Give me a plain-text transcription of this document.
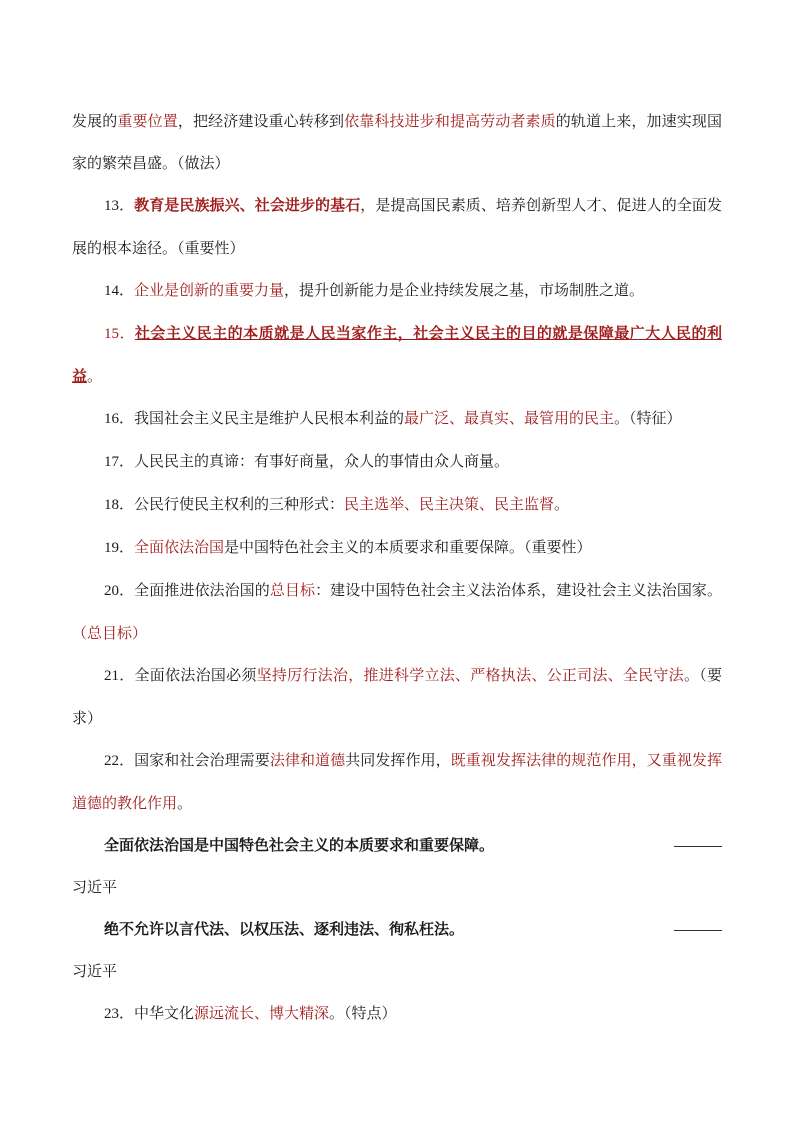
发展的重要位置，把经济建设重心转移到依靠科技进步和提高劳动者素质的轨道上来，加速实现国家的繁荣昌盛。（做法）

13．教育是民族振兴、社会进步的基石，是提高国民素质、培养创新型人才、促进人的全面发展的根本途径。（重要性）

14．企业是创新的重要力量，提升创新能力是企业持续发展之基，市场制胜之道。

15．社会主义民主的本质就是人民当家作主，社会主义民主的目的就是保障最广大人民的利益。

16．我国社会主义民主是维护人民根本利益的最广泛、最真实、最管用的民主。（特征）

17．人民民主的真谛：有事好商量，众人的事情由众人商量。

18．公民行使民主权利的三种形式：民主选举、民主决策、民主监督。

19．全面依法治国是中国特色社会主义的本质要求和重要保障。（重要性）

20．全面推进依法治国的总目标：建设中国特色社会主义法治体系，建设社会主义法治国家。（总目标）

21．全面依法治国必须坚持厉行法治，推进科学立法、严格执法、公正司法、全民守法。（要求）

22．国家和社会治理需要法律和道德共同发挥作用，既重视发挥法律的规范作用，又重视发挥道德的教化作用。

全面依法治国是中国特色社会主义的本质要求和重要保障。
习近平
绝不允许以言代法、以权压法、逐利违法、徇私枉法。
习近平

23．中华文化源远流长、博大精深。（特点）
